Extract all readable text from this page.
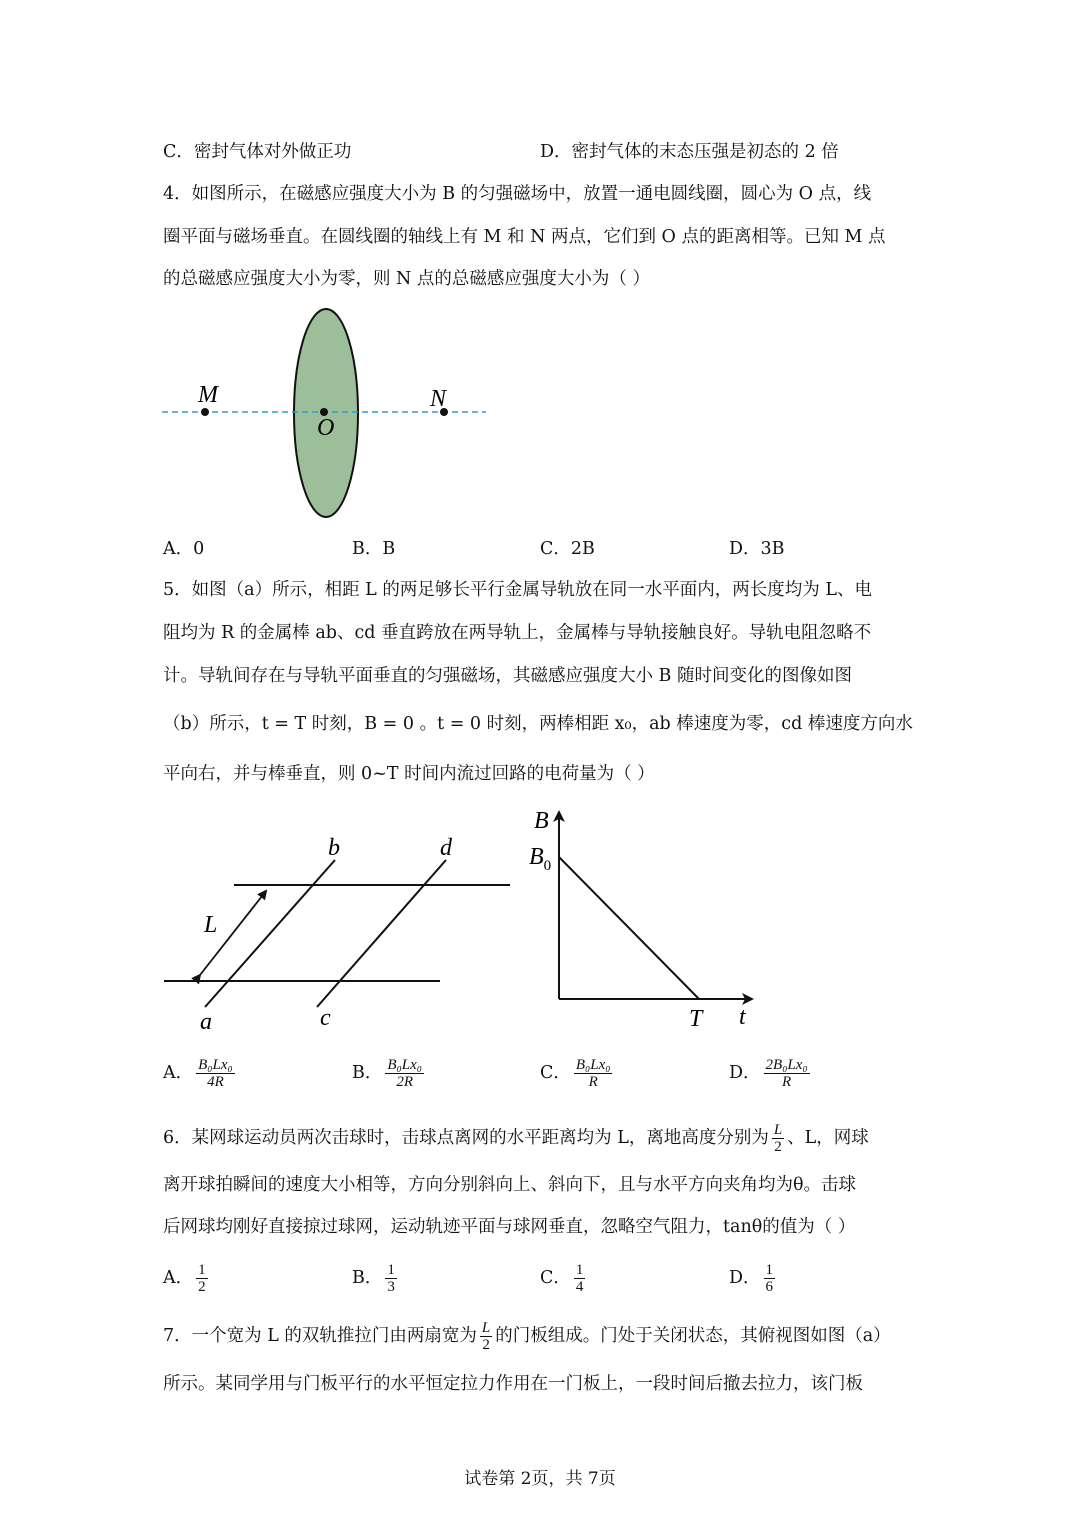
C．密封气体对外做正功	D．密封气体的末态压强是初态的 2 倍
4．如图所示，在磁感应强度大小为 B 的匀强磁场中，放置一通电圆线圈，圆心为 O 点，线
圈平面与磁场垂直。在圆线圈的轴线上有 M 和 N 两点，它们到 O 点的距离相等。已知 M 点
的总磁感应强度大小为零，则 N 点的总磁感应强度大小为（ ）
M
O
N
A．0	B．B	C．2B	D．3B
5．如图（a）所示，相距 L 的两足够长平行金属导轨放在同一水平面内，两长度均为 L、电
阻均为 R 的金属棒 ab、cd 垂直跨放在两导轨上，金属棒与导轨接触良好。导轨电阻忽略不
计。导轨间存在与导轨平面垂直的匀强磁场，其磁感应强度大小 B 随时间变化的图像如图
（b）所示，t = T 时刻，B = 0 。t = 0 时刻，两棒相距 x₀，ab 棒速度为零，cd 棒速度方向水
平向右，并与棒垂直，则 0~T 时间内流过回路的电荷量为（ ）
L
a
b
c
d
B
$B_0$
T t
A． $\frac{\text{B₀Lx₀}}{4R}$	B． $\frac{\text{B₀Lx₀}}{2R}$	C． $\frac{\text{B₀Lx₀}}{R}$	D． $\frac{\text{2B₀Lx₀}}{R}$
6．某网球运动员两次击球时，击球点离网的水平距离均为 L，离地高度分别为 $\frac{L}{2}$ 、L，网球
离开球拍瞬间的速度大小相等，方向分别斜向上、斜向下，且与水平方向夹角均为θ。击球
后网球均刚好直接掠过球网，运动轨迹平面与球网垂直，忽略空气阻力，tanθ的值为（ ）
A． $\frac{1}{2}$	B． $\frac{1}{3}$	C． $\frac{1}{4}$	D． $\frac{1}{6}$
7．一个宽为 L 的双轨推拉门由两扇宽为 $\frac{L}{2}$ 的门板组成。门处于关闭状态，其俯视图如图（a）
所示。某同学用与门板平行的水平恒定拉力作用在一门板上，一段时间后撤去拉力，该门板
试卷第 2页，共 7页
